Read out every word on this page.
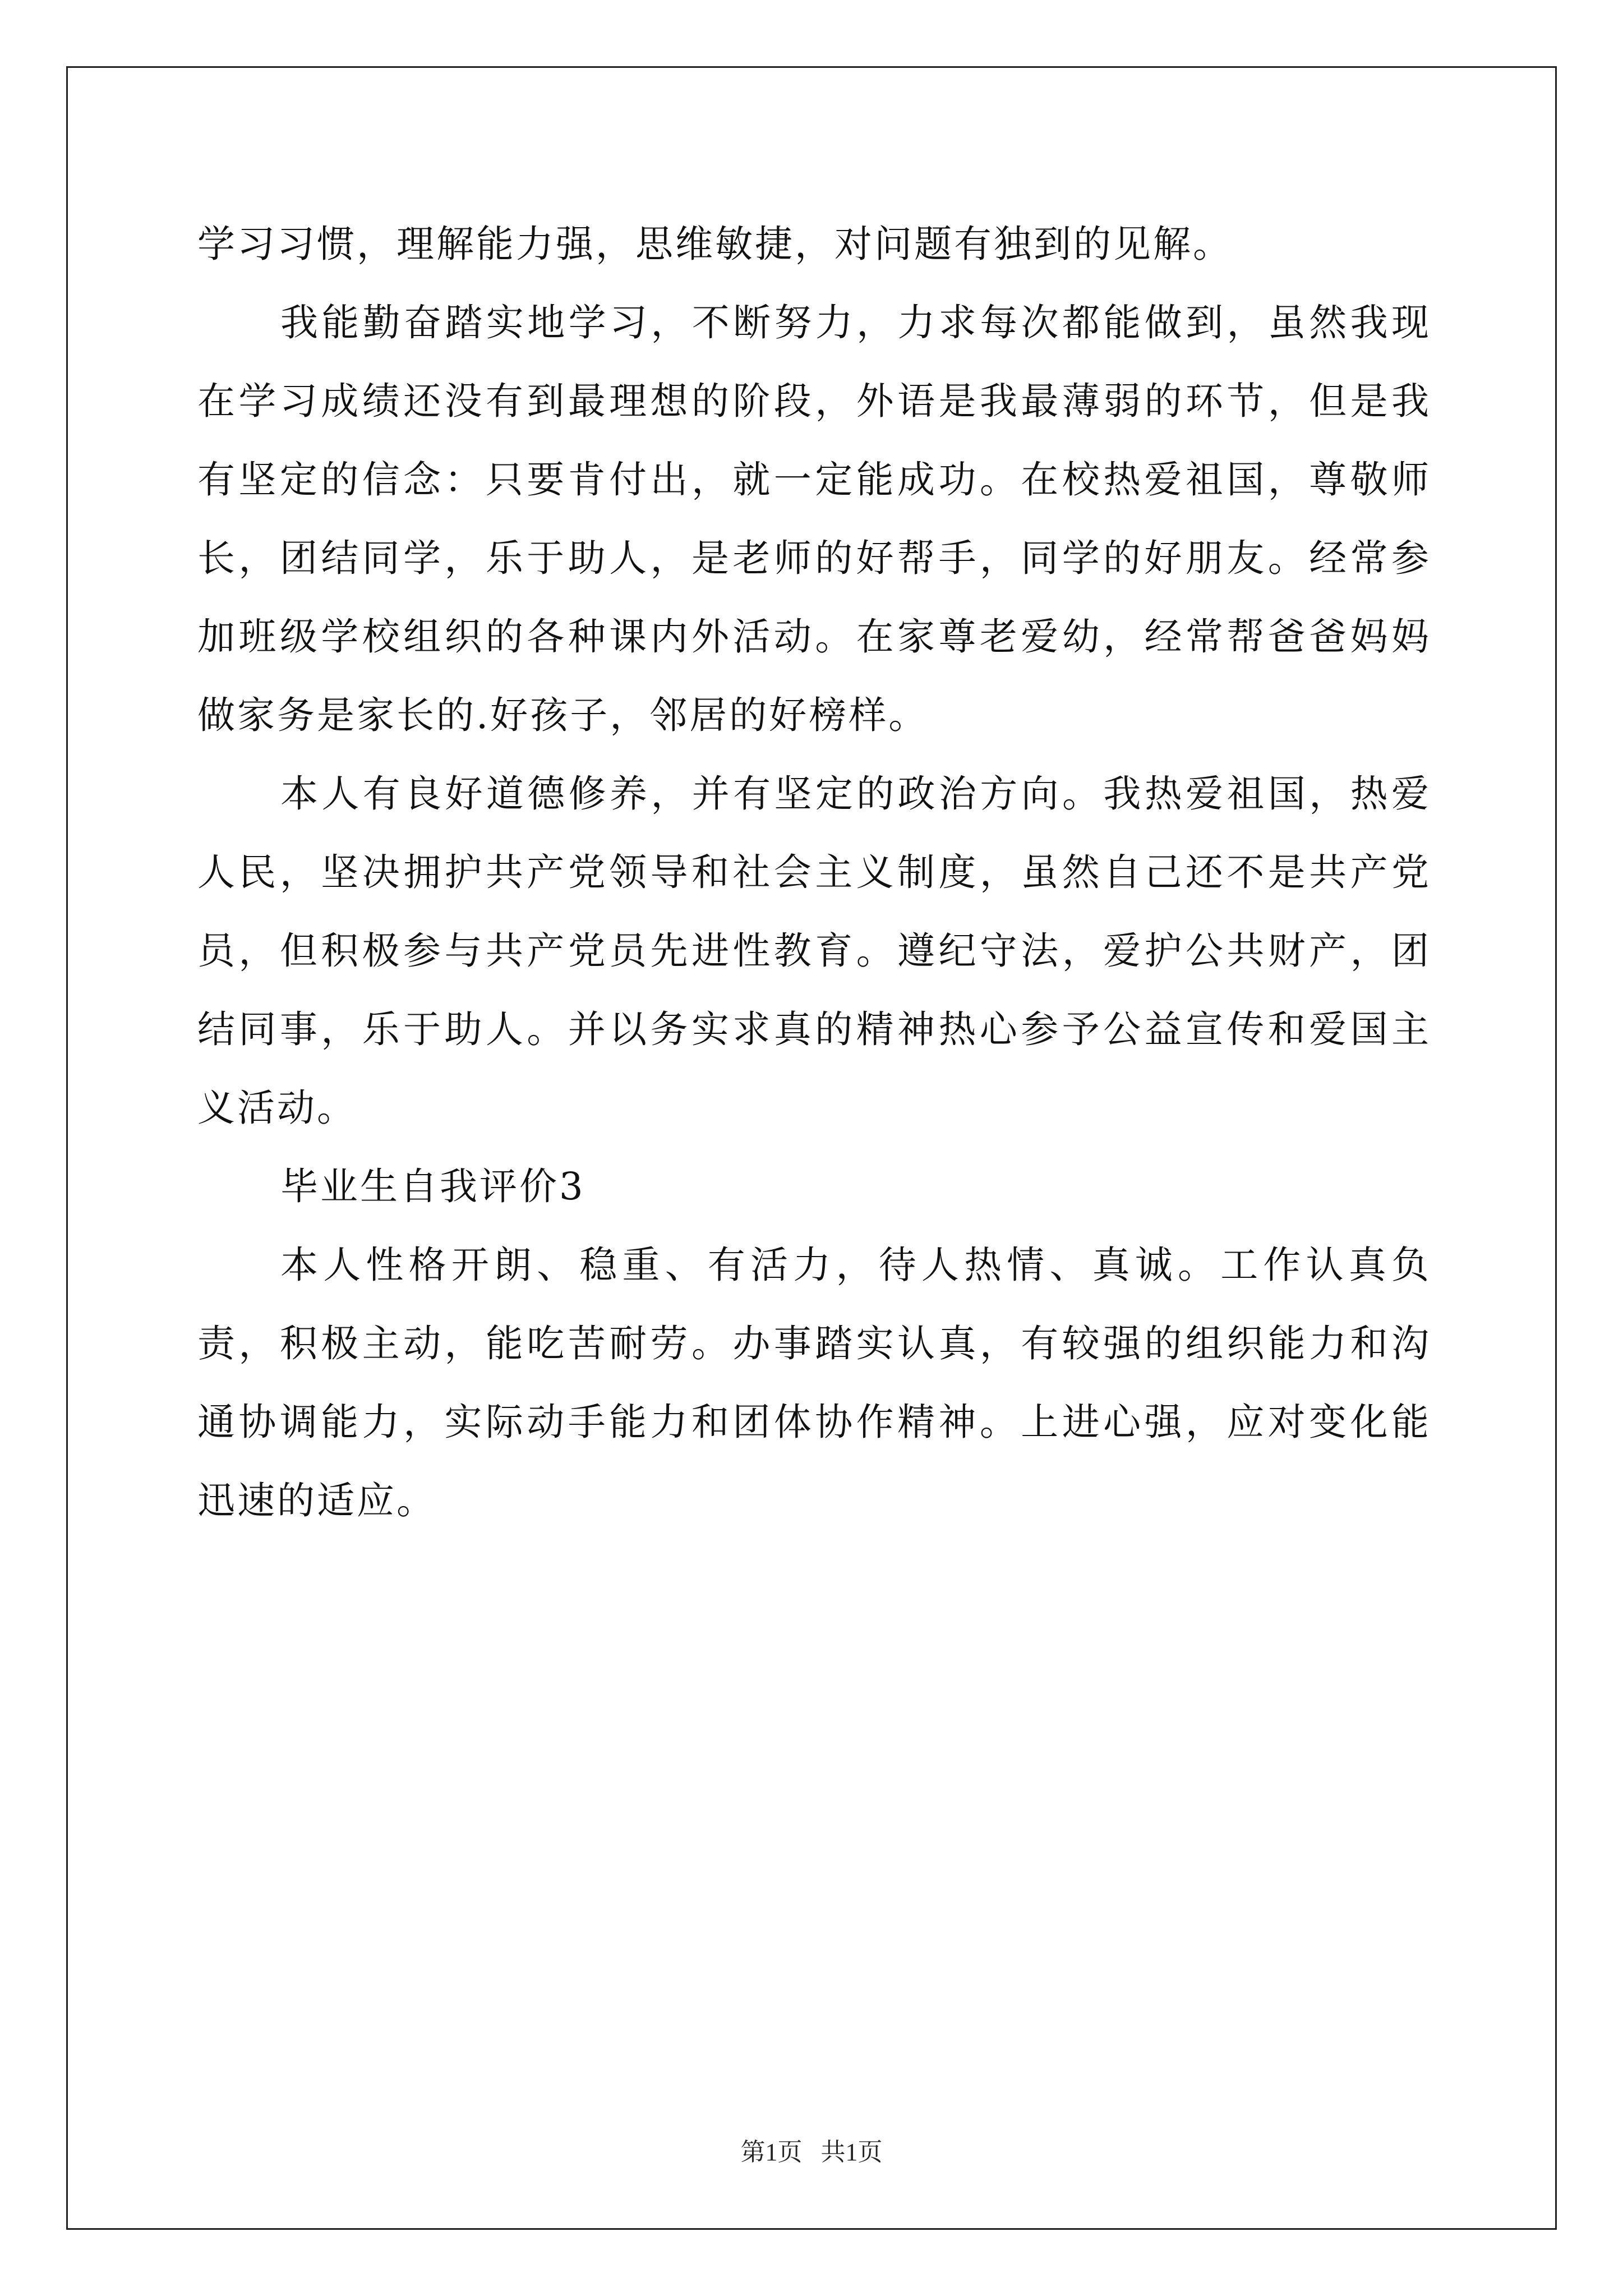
学习习惯，理解能力强，思维敏捷，对问题有独到的见解。

我能勤奋踏实地学习，不断努力，力求每次都能做到，虽然我现在学习成绩还没有到最理想的阶段，外语是我最薄弱的环节，但是我有坚定的信念：只要肯付出，就一定能成功。在校热爱祖国，尊敬师长，团结同学，乐于助人，是老师的好帮手，同学的好朋友。经常参加班级学校组织的各种课内外活动。在家尊老爱幼，经常帮爸爸妈妈做家务是家长的.好孩子，邻居的好榜样。

本人有良好道德修养，并有坚定的政治方向。我热爱祖国，热爱人民，坚决拥护共产党领导和社会主义制度，虽然自己还不是共产党员，但积极参与共产党员先进性教育。遵纪守法，爱护公共财产，团结同事，乐于助人。并以务实求真的精神热心参予公益宣传和爱国主义活动。

毕业生自我评价3

本人性格开朗、稳重、有活力，待人热情、真诚。工作认真负责，积极主动，能吃苦耐劳。办事踏实认真，有较强的组织能力和沟通协调能力，实际动手能力和团体协作精神。上进心强，应对变化能迅速的适应。

第1页   共1页
